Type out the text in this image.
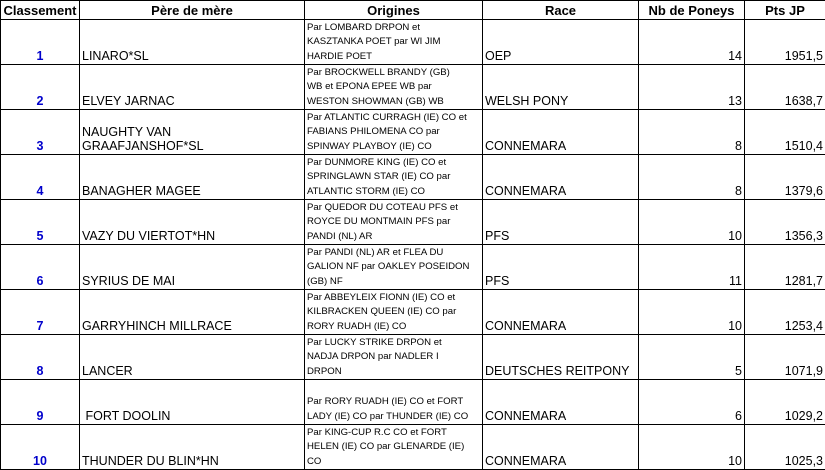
Classement	Père de mère	Origines	Race	Nb de Poneys	Pts JP
1	LINARO*SL	Par LOMBARD DRPON et
KASZTANKA POET par WI JIM
HARDIE POET	OEP	14	1951,5
2	ELVEY JARNAC	Par BROCKWELL BRANDY (GB)
WB et EPONA EPEE WB par
WESTON SHOWMAN (GB) WB	WELSH PONY	13	1638,7
3	NAUGHTY VAN
GRAAFJANSHOF*SL	Par ATLANTIC CURRAGH (IE) CO et
FABIANS PHILOMENA CO par
SPINWAY PLAYBOY (IE) CO	CONNEMARA	8	1510,4
4	BANAGHER MAGEE	Par DUNMORE KING (IE) CO et
SPRINGLAWN STAR (IE) CO par
ATLANTIC STORM (IE) CO	CONNEMARA	8	1379,6
5	VAZY DU VIERTOT*HN	Par QUEDOR DU COTEAU PFS et
ROYCE DU MONTMAIN PFS par
PANDI (NL) AR	PFS	10	1356,3
6	SYRIUS DE MAI	Par PANDI (NL) AR et FLEA DU
GALION NF par OAKLEY POSEIDON
(GB) NF	PFS	11	1281,7
7	GARRYHINCH MILLRACE	Par ABBEYLEIX FIONN (IE) CO et
KILBRACKEN QUEEN (IE) CO par
RORY RUADH (IE) CO	CONNEMARA	10	1253,4
8	LANCER	Par LUCKY STRIKE DRPON et
NADJA DRPON par NADLER I
DRPON	DEUTSCHES REITPONY	5	1071,9
9	FORT DOOLIN	Par RORY RUADH (IE) CO et FORT
LADY (IE) CO par THUNDER (IE) CO	CONNEMARA	6	1029,2
10	THUNDER DU BLIN*HN	Par KING-CUP R.C CO et FORT
HELEN (IE) CO par GLENARDE (IE)
CO	CONNEMARA	10	1025,3
